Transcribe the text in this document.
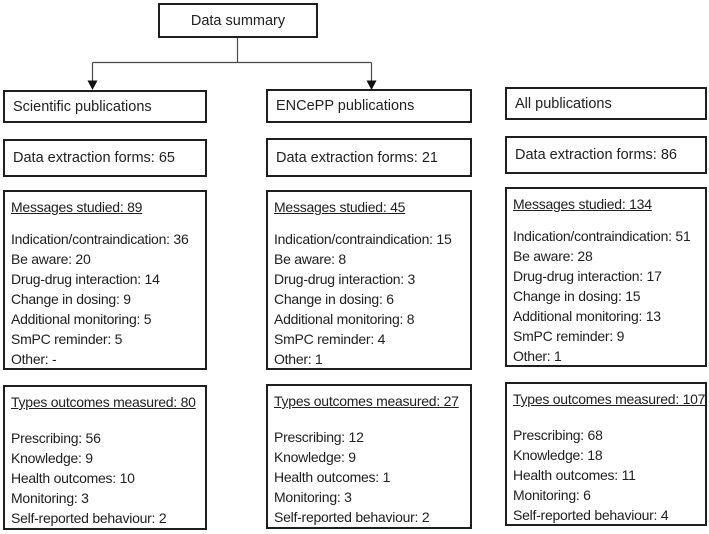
Data summary
Scientific publications
Data extraction forms: 65
Messages studied: 89
Indication/contraindication: 36
Be aware: 20
Drug-drug interaction: 14
Change in dosing: 9
Additional monitoring: 5
SmPC reminder: 5
Other: -
Types outcomes measured: 80
Prescribing: 56
Knowledge: 9
Health outcomes: 10
Monitoring: 3
Self-reported behaviour: 2
ENCePP publications
Data extraction forms: 21
Messages studied: 45
Indication/contraindication: 15
Be aware: 8
Drug-drug interaction: 3
Change in dosing: 6
Additional monitoring: 8
SmPC reminder: 4
Other: 1
Types outcomes measured: 27
Prescribing: 12
Knowledge: 9
Health outcomes: 1
Monitoring: 3
Self-reported behaviour: 2
All publications
Data extraction forms: 86
Messages studied: 134
Indication/contraindication: 51
Be aware: 28
Drug-drug interaction: 17
Change in dosing: 15
Additional monitoring: 13
SmPC reminder: 9
Other: 1
Types outcomes measured: 107
Prescribing: 68
Knowledge: 18
Health outcomes: 11
Monitoring: 6
Self-reported behaviour: 4
